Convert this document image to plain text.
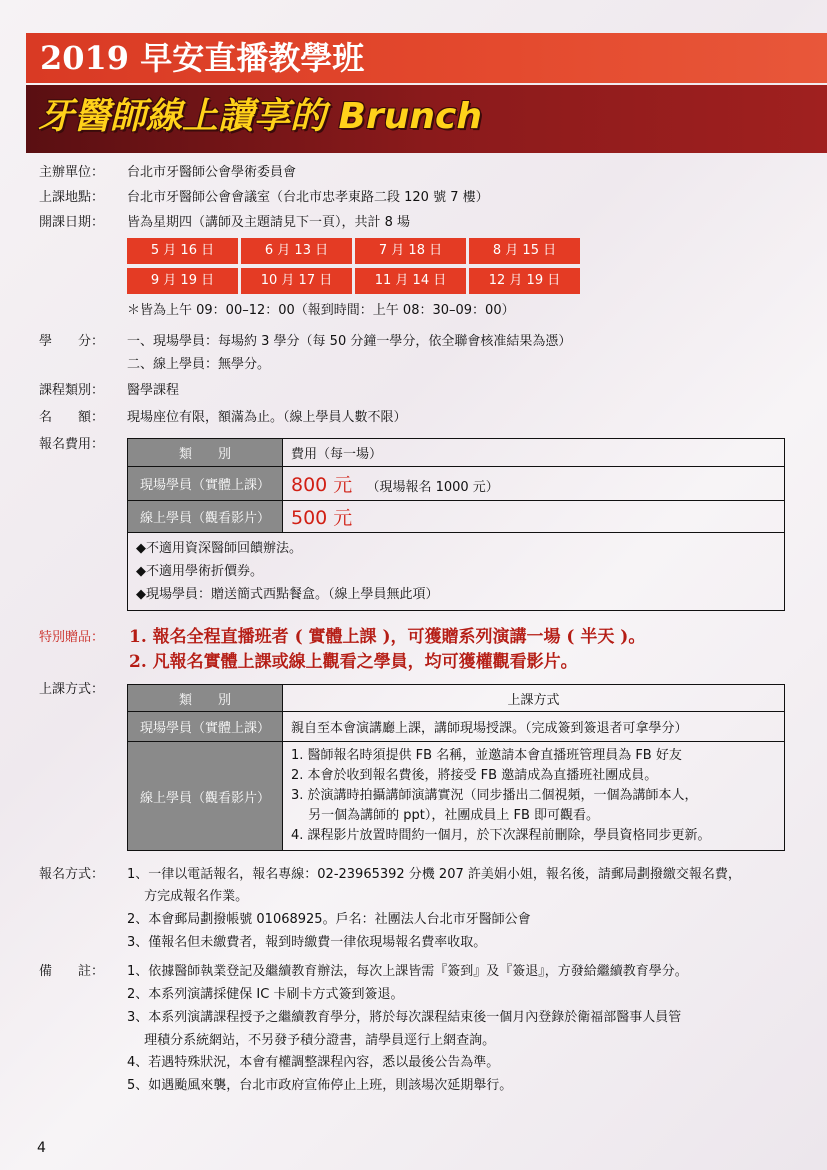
2019 早安直播教學班
牙醫師線上讀享的 Brunch
主辦單位：	台北市牙醫師公會學術委員會
上課地點：	台北市牙醫師公會會議室（台北市忠孝東路二段 120 號 7 樓）
開課日期：	皆為星期四（講師及主題請見下一頁），共計 8 場
5 月 16 日	6 月 13 日	7 月 18 日	8 月 15 日
9 月 19 日	10 月 17 日	11 月 14 日	12 月 19 日
＊皆為上午 09：00–12：00（報到時間：上午 08：30–09：00）
學　　分：	一、現場學員：每場約 3 學分（每 50 分鐘一學分，依全聯會核准結果為憑）
二、線上學員：無學分。
課程類別：	醫學課程
名　　額：	現場座位有限，額滿為止。（線上學員人數不限）
報名費用：
類　　別	費用（每一場）
現場學員（實體上課）	800 元 （現場報名 1000 元）
線上學員（觀看影片）	500 元

◆不適用資深醫師回饋辦法。
◆不適用學術折價券。
◆現場學員：贈送簡式西點餐盒。（線上學員無此項）	
特別贈品：	1. 報名全程直播班者 ( 實體上課 )，可獲贈系列演講一場 ( 半天 )。
2. 凡報名實體上課或線上觀看之學員，均可獲權觀看影片。
上課方式：
類　　別	上課方式
現場學員（實體上課）	親自至本會演講廳上課，講師現場授課。（完成簽到簽退者可拿學分）
線上學員（觀看影片）	1. 醫師報名時須提供 FB 名稱，並邀請本會直播班管理員為 FB 好友
2. 本會於收到報名費後，將接受 FB 邀請成為直播班社團成員。
3. 於演講時拍攝講師演講實況（同步播出二個視頻，一個為講師本人，
　 另一個為講師的 ppt），社團成員上 FB 即可觀看。
4. 課程影片放置時間約一個月，於下次課程前刪除，學員資格同步更新。
報名方式：	1、一律以電話報名，報名專線：02-23965392 分機 207 許美娟小姐，報名後，請郵局劃撥繳交報名費，
　 方完成報名作業。
2、本會郵局劃撥帳號 01068925。戶名：社團法人台北市牙醫師公會
3、僅報名但未繳費者，報到時繳費一律依現場報名費率收取。
備　　註：	1、依據醫師執業登記及繼續教育辦法，每次上課皆需『簽到』及『簽退』，方發給繼續教育學分。
2、本系列演講採健保 IC 卡刷卡方式簽到簽退。
3、本系列演講課程授予之繼續教育學分，將於每次課程結束後一個月內登錄於衛福部醫事人員管
　 理積分系統網站，不另發予積分證書，請學員逕行上網查詢。
4、若遇特殊狀況，本會有權調整課程內容，悉以最後公告為準。
5、如遇颱風來襲，台北市政府宣佈停止上班，則該場次延期舉行。
4
